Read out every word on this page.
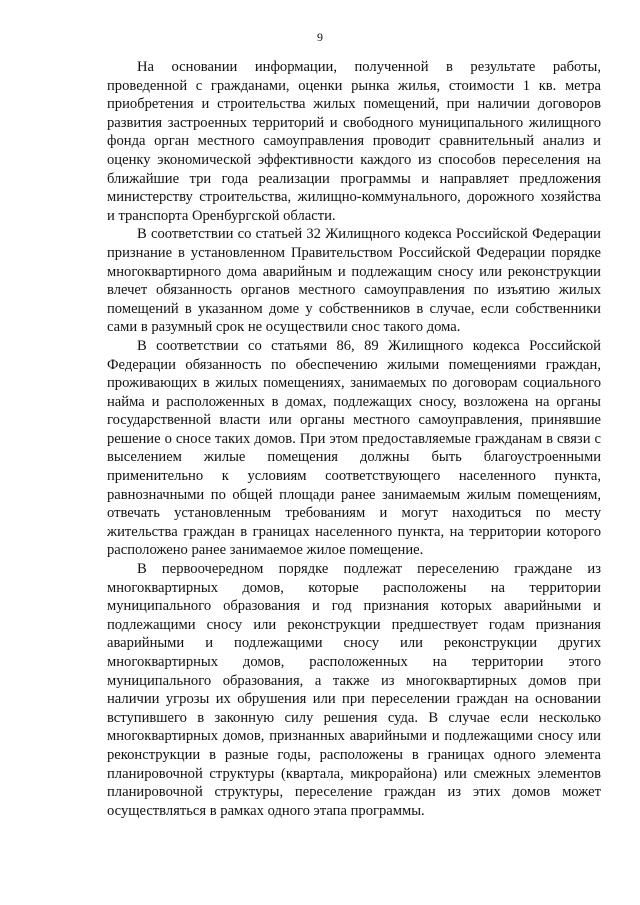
9

На основании информации, полученной в результате работы, проведенной с гражданами, оценки рынка жилья, стоимости 1 кв. метра приобретения и строительства жилых помещений, при наличии договоров развития застроенных территорий и свободного муниципального жилищного фонда орган местного самоуправления проводит сравнительный анализ и оценку экономической эффективности каждого из способов переселения на ближайшие три года реализации программы и направляет предложения министерству строительства, жилищно-коммунального, дорожного хозяйства и транспорта Оренбургской области.

В соответствии со статьей 32 Жилищного кодекса Российской Федерации признание в установленном Правительством Российской Федерации порядке многоквартирного дома аварийным и подлежащим сносу или реконструкции влечет обязанность органов местного самоуправления по изъятию жилых помещений в указанном доме у собственников в случае, если собственники сами в разумный срок не осуществили снос такого дома.

В соответствии со статьями 86, 89 Жилищного кодекса Российской Федерации обязанность по обеспечению жилыми помещениями граждан, проживающих в жилых помещениях, занимаемых по договорам социального найма и расположенных в домах, подлежащих сносу, возложена на органы государственной власти или органы местного самоуправления, принявшие решение о сносе таких домов. При этом предоставляемые гражданам в связи с выселением жилые помещения должны быть благоустроенными применительно к условиям соответствующего населенного пункта, равнозначными по общей площади ранее занимаемым жилым помещениям, отвечать установленным требованиям и могут находиться по месту жительства граждан в границах населенного пункта, на территории которого расположено ранее занимаемое жилое помещение.

В первоочередном порядке подлежат переселению граждане из многоквартирных домов, которые расположены на территории муниципального образования и год признания которых аварийными и подлежащими сносу или реконструкции предшествует годам признания аварийными и подлежащими сносу или реконструкции других многоквартирных домов, расположенных на территории этого муниципального образования, а также из многоквартирных домов при наличии угрозы их обрушения или при переселении граждан на основании вступившего в законную силу решения суда. В случае если несколько многоквартирных домов, признанных аварийными и подлежащими сносу или реконструкции в разные годы, расположены в границах одного элемента планировочной структуры (квартала, микрорайона) или смежных элементов планировочной структуры, переселение граждан из этих домов может осуществляться в рамках одного этапа программы.
